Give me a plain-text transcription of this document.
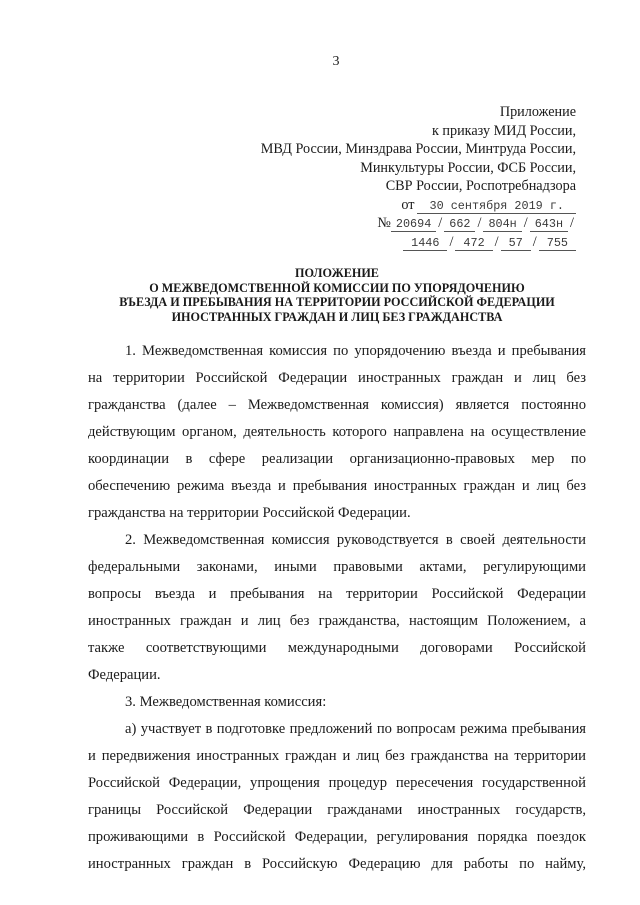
3
Приложение
к приказу МИД России,
МВД России, Минздрава России, Минтруда России,
Минкультуры России, ФСБ России,
СВР России, Роспотребнадзора
от 30 сентября 2019 г.
№ 20694 / 662 / 804н / 643н /
1446 / 472 / 57 / 755
ПОЛОЖЕНИЕ
О МЕЖВЕДОМСТВЕННОЙ КОМИССИИ ПО УПОРЯДОЧЕНИЮ
ВЪЕЗДА И ПРЕБЫВАНИЯ НА ТЕРРИТОРИИ РОССИЙСКОЙ ФЕДЕРАЦИИ
ИНОСТРАННЫХ ГРАЖДАН И ЛИЦ БЕЗ ГРАЖДАНСТВА
1. Межведомственная комиссия по упорядочению въезда и пребывания
на территории Российской Федерации иностранных граждан и лиц без
гражданства (далее – Межведомственная комиссия) является постоянно
действующим органом, деятельность которого направлена на осуществление
координации в сфере реализации организационно-правовых мер по
обеспечению режима въезда и пребывания иностранных граждан и лиц без
гражданства на территории Российской Федерации.
2. Межведомственная комиссия руководствуется в своей деятельности
федеральными законами, иными правовыми актами, регулирующими
вопросы въезда и пребывания на территории Российской Федерации
иностранных граждан и лиц без гражданства, настоящим Положением, а
также соответствующими международными договорами Российской
Федерации.
3. Межведомственная комиссия:
а) участвует в подготовке предложений по вопросам режима пребывания
и передвижения иностранных граждан и лиц без гражданства на территории
Российской Федерации, упрощения процедур пересечения государственной
границы Российской Федерации гражданами иностранных государств,
проживающими в Российской Федерации, регулирования порядка поездок
иностранных граждан в Российскую Федерацию для работы по найму,
